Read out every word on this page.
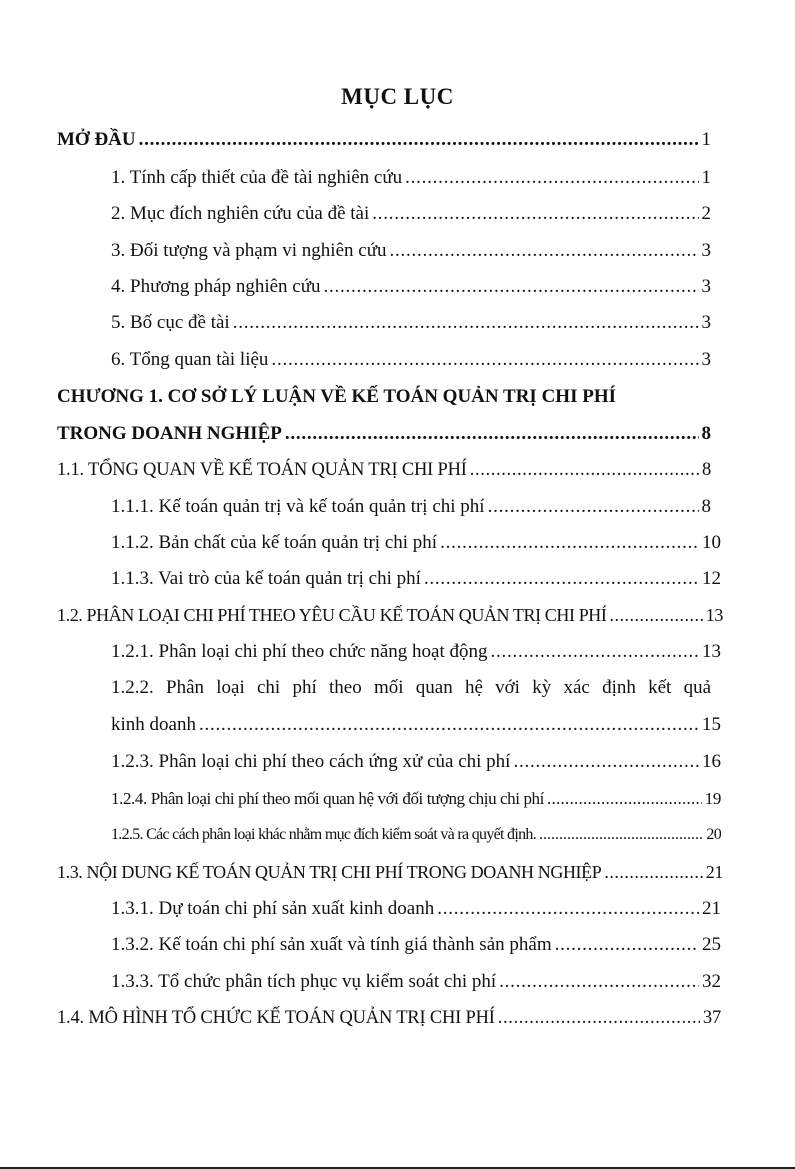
MỤC LỤC
MỞ ĐẦU . . .	1
1. Tính cấp thiết của đề tài nghiên cứu . . .	1
2. Mục đích nghiên cứu của đề tài . . .	2
3. Đối tượng và phạm vi nghiên cứu . . .	3
4. Phương pháp nghiên cứu . . .	3
5. Bố cục đề tài . . .	3
6. Tổng quan tài liệu . . .	3
CHƯƠNG 1. CƠ SỞ LÝ LUẬN VỀ KẾ TOÁN QUẢN TRỊ CHI PHÍ
TRONG DOANH NGHIỆP . . .	8
1.1. TỔNG QUAN VỀ KẾ TOÁN QUẢN TRỊ CHI PHÍ . . .	8
1.1.1. Kế toán quản trị và kế toán quản trị chi phí . . .	8
1.1.2. Bản chất của kế toán quản trị chi phí . . .	10
1.1.3. Vai trò của kế toán quản trị chi phí . . .	12
1.2. PHÂN LOẠI CHI PHÍ THEO YÊU CẦU KẾ TOÁN QUẢN TRỊ CHI PHÍ . . .	13
1.2.1. Phân loại chi phí theo chức năng hoạt động . . .	13
1.2.2. Phân loại chi phí theo mối quan hệ với kỳ xác định kết quả
kinh doanh . . .	15
1.2.3. Phân loại chi phí theo cách ứng xử của chi phí . . .	16
1.2.4. Phân loại chi phí theo mối quan hệ với đối tượng chịu chi phí . . .	19
1.2.5. Các cách phân loại khác nhằm mục đích kiểm soát và ra quyết định. . . .	20
1.3. NỘI DUNG KẾ TOÁN QUẢN TRỊ CHI PHÍ TRONG DOANH NGHIỆP . . .	21
1.3.1. Dự toán chi phí sản xuất kinh doanh . . .	21
1.3.2. Kế toán chi phí sản xuất và tính giá thành sản phẩm . . .	25
1.3.3. Tổ chức phân tích phục vụ kiểm soát chi phí . . .	32
1.4. MÔ HÌNH TỔ CHỨC KẾ TOÁN QUẢN TRỊ CHI PHÍ . . .	37
